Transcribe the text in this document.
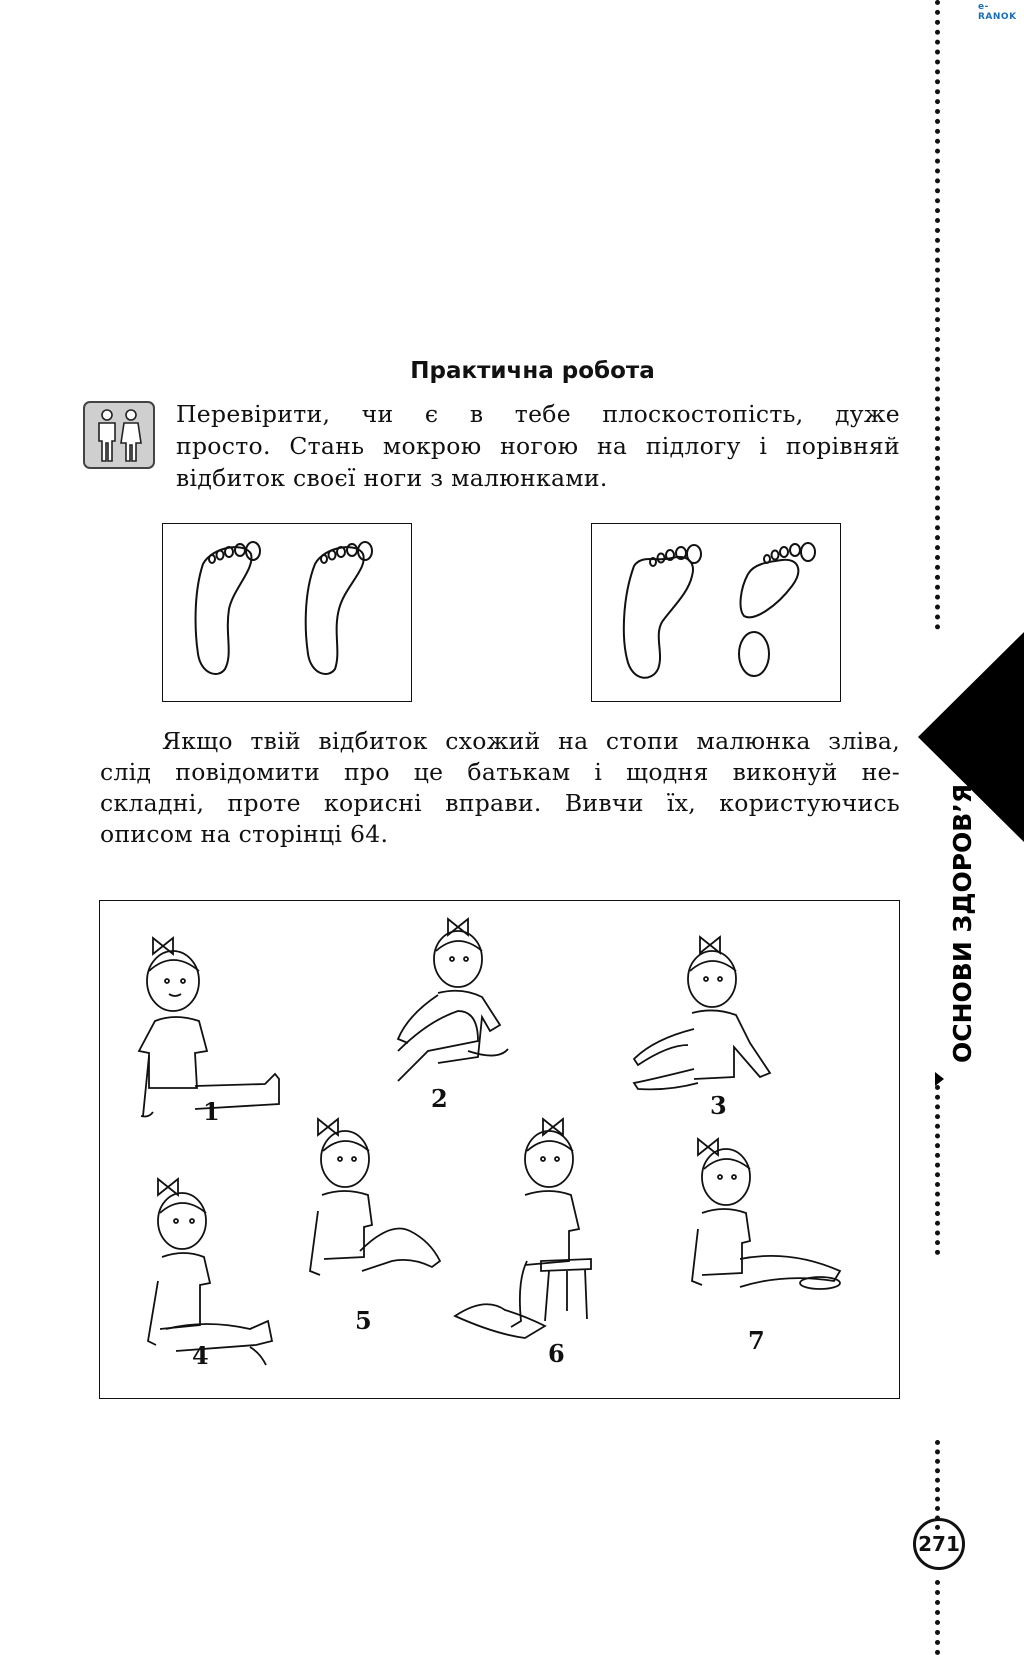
e-RANOK
ОСНОВИ ЗДОРОВ’Я
271
Практична робота
Перевірити, чи є в тебе плоскостопість, дуже
просто. Стань мокрою ногою на підлогу і порівняй
відбиток своєї ноги з малюнками.
Якщо твій відбиток схожий на стопи малюнка зліва,
слід повідомити про це батькам і щодня виконуй не-
складні, проте корисні вправи. Вивчи їх, користуючись
описом на сторінці 64.
1	2	3
4
5
6	7
